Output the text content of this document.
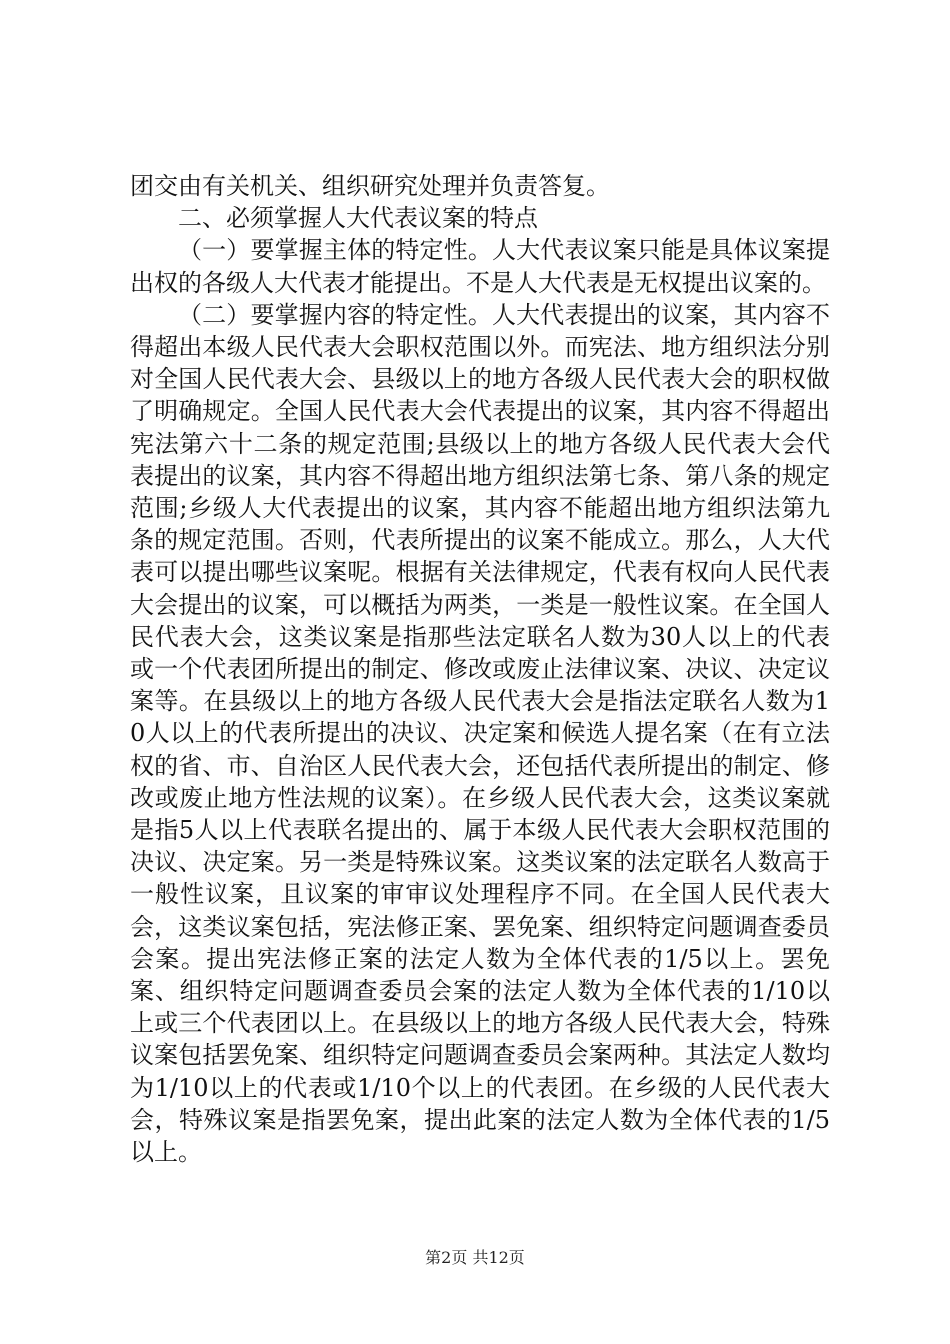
团交由有关机关、组织研究处理并负责答复。

二、必须掌握人大代表议案的特点

（一）要掌握主体的特定性。人大代表议案只能是具体议案提出权的各级人大代表才能提出。不是人大代表是无权提出议案的。

（二）要掌握内容的特定性。人大代表提出的议案，其内容不得超出本级人民代表大会职权范围以外。而宪法、地方组织法分别对全国人民代表大会、县级以上的地方各级人民代表大会的职权做了明确规定。全国人民代表大会代表提出的议案，其内容不得超出宪法第六十二条的规定范围;县级以上的地方各级人民代表大会代表提出的议案，其内容不得超出地方组织法第七条、第八条的规定范围;乡级人大代表提出的议案，其内容不能超出地方组织法第九条的规定范围。否则，代表所提出的议案不能成立。那么，人大代表可以提出哪些议案呢。根据有关法律规定，代表有权向人民代表大会提出的议案，可以概括为两类，一类是一般性议案。在全国人民代表大会，这类议案是指那些法定联名人数为30人以上的代表或一个代表团所提出的制定、修改或废止法律议案、决议、决定议案等。在县级以上的地方各级人民代表大会是指法定联名人数为10人以上的代表所提出的决议、决定案和候选人提名案（在有立法权的省、市、自治区人民代表大会，还包括代表所提出的制定、修改或废止地方性法规的议案）。在乡级人民代表大会，这类议案就是指5人以上代表联名提出的、属于本级人民代表大会职权范围的决议、决定案。另一类是特殊议案。这类议案的法定联名人数高于一般性议案，且议案的审审议处理程序不同。在全国人民代表大会，这类议案包括，宪法修正案、罢免案、组织特定问题调查委员会案。提出宪法修正案的法定人数为全体代表的1/5以上。罢免案、组织特定问题调查委员会案的法定人数为全体代表的1/10以上或三个代表团以上。在县级以上的地方各级人民代表大会，特殊议案包括罢免案、组织特定问题调查委员会案两种。其法定人数均为1/10以上的代表或1/10个以上的代表团。在乡级的人民代表大会，特殊议案是指罢免案，提出此案的法定人数为全体代表的1/5以上。

第2页 共12页
